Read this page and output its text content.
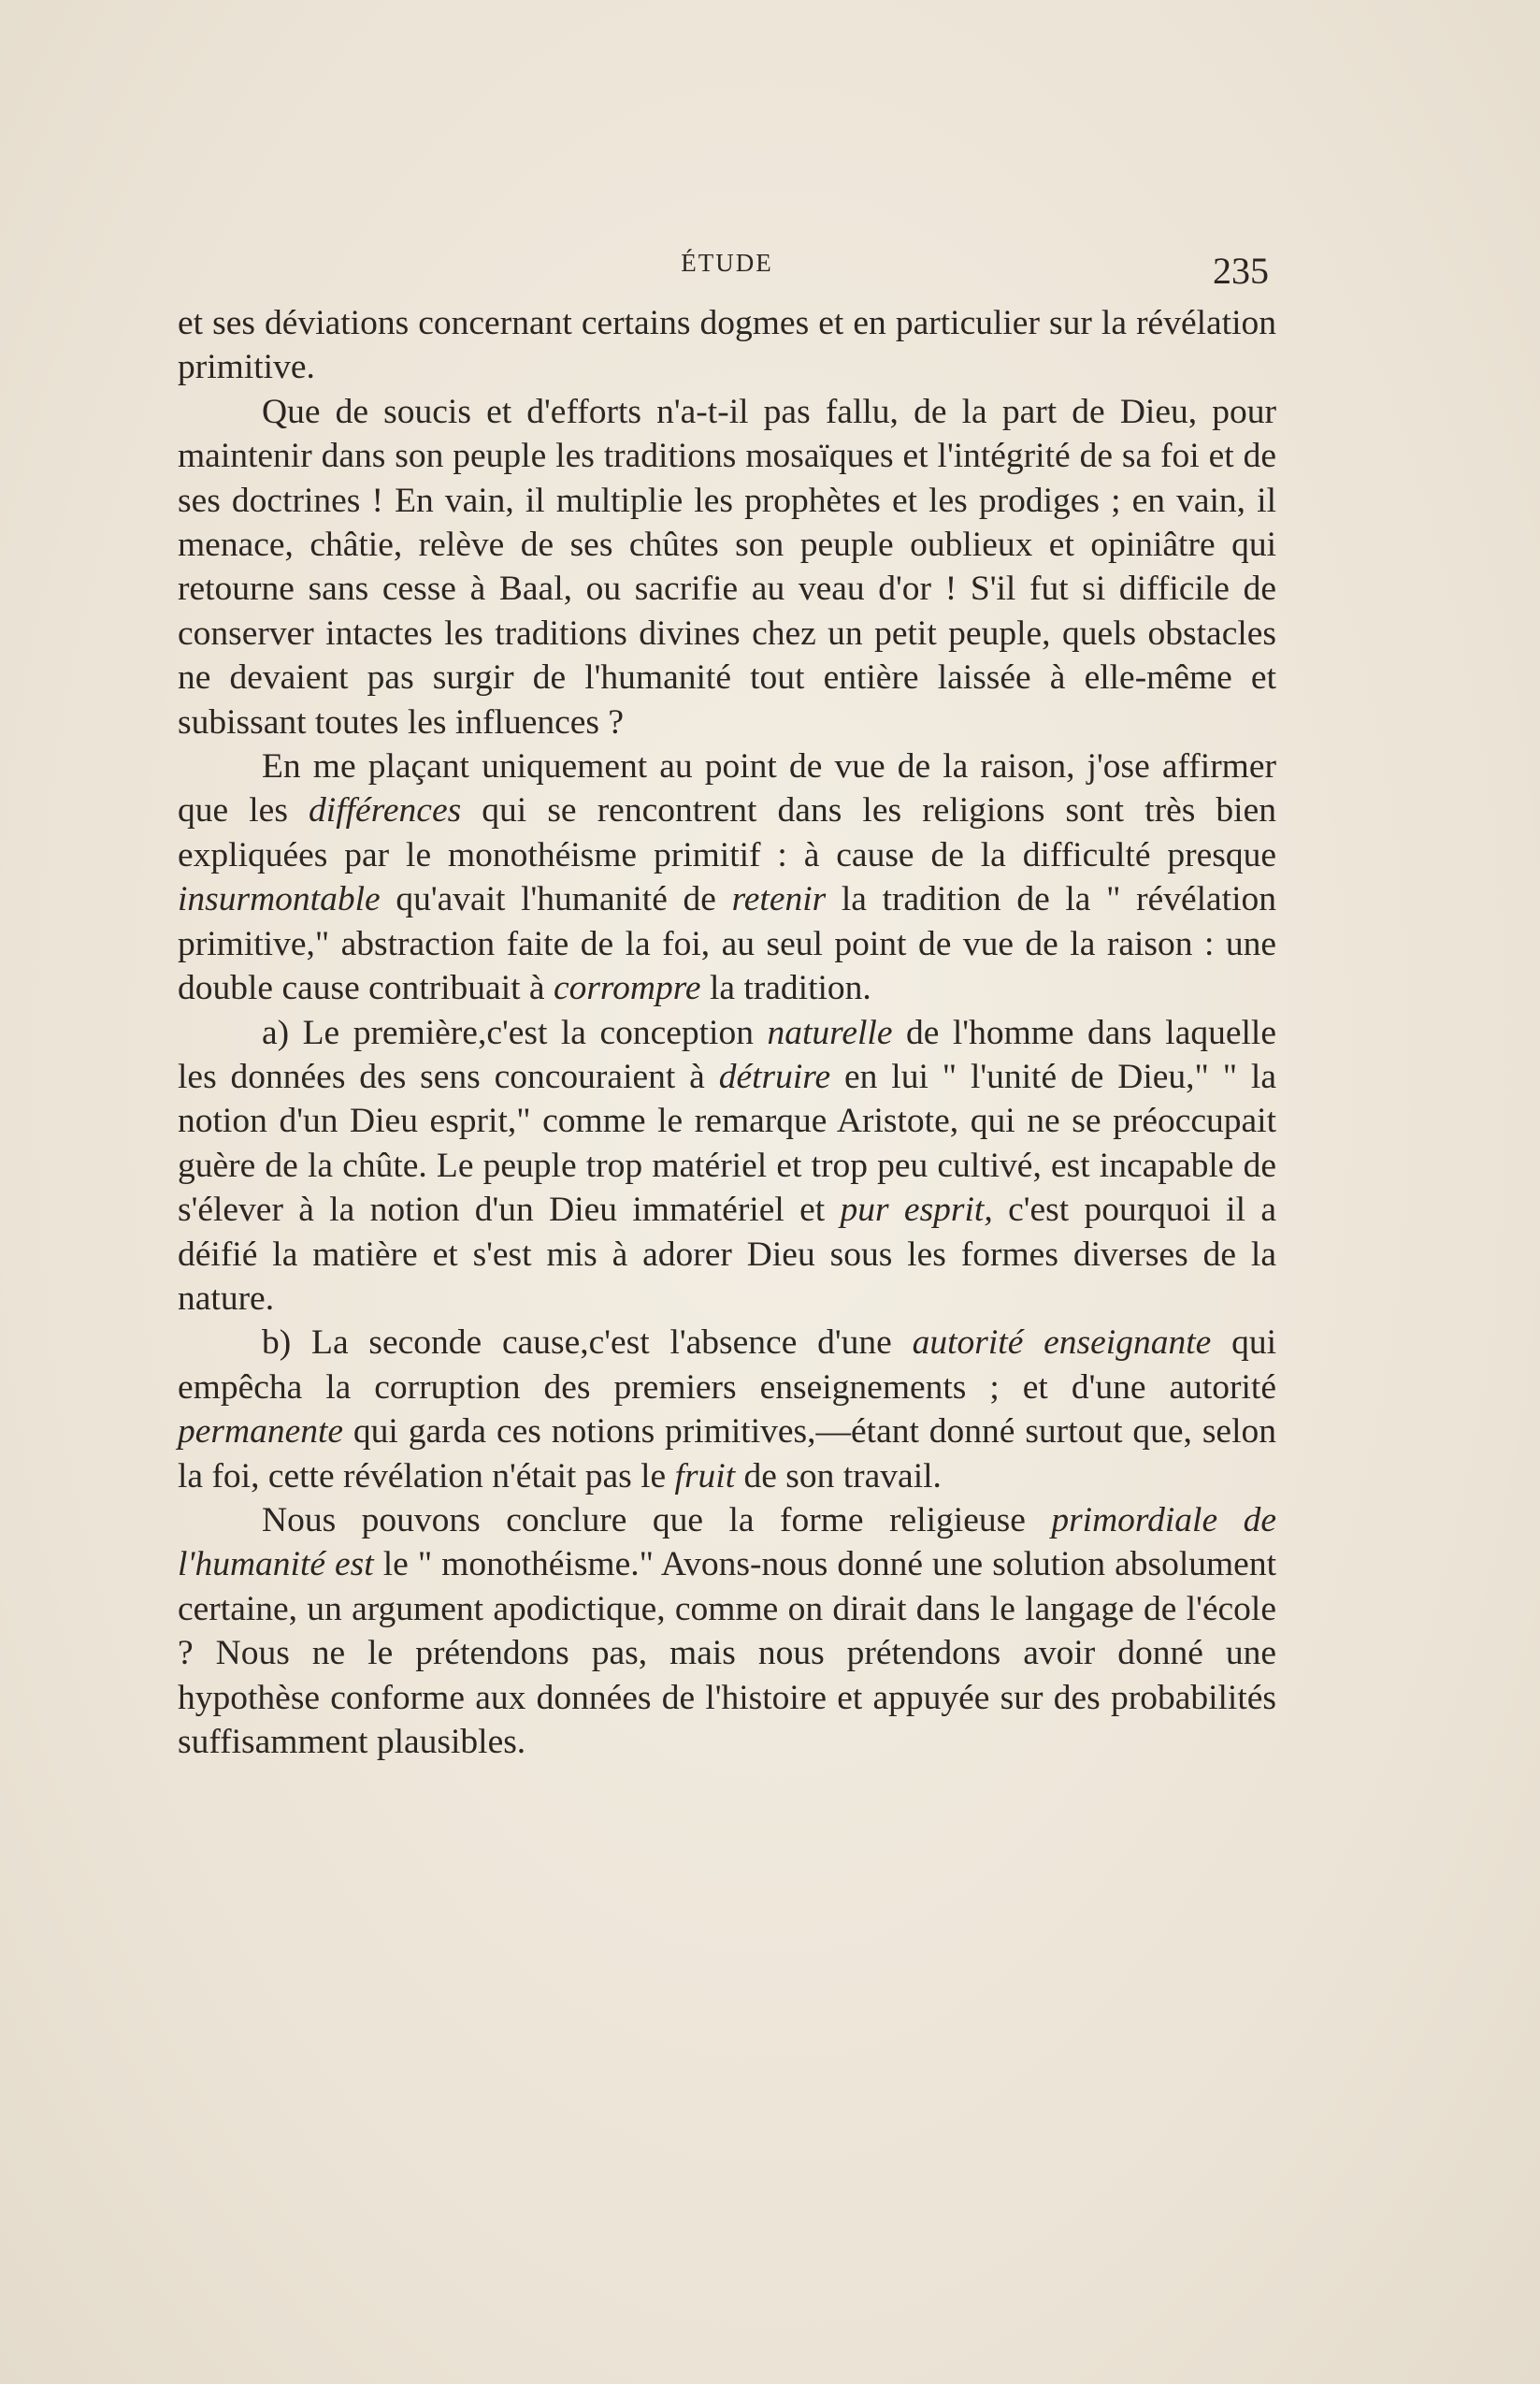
ÉTUDE	235

et ses déviations concernant certains dogmes et en particulier sur la révélation primitive.

Que de soucis et d'efforts n'a-t-il pas fallu, de la part de Dieu, pour maintenir dans son peuple les traditions mosaïques et l'intégrité de sa foi et de ses doctrines ! En vain, il multiplie les prophètes et les prodiges ; en vain, il menace, châtie, relève de ses chûtes son peuple oublieux et opiniâtre qui retourne sans cesse à Baal, ou sacrifie au veau d'or ! S'il fut si difficile de conserver intactes les traditions divines chez un petit peuple, quels obstacles ne devaient pas surgir de l'humanité tout entière laissée à elle-même et subissant toutes les influences ?

En me plaçant uniquement au point de vue de la raison, j'ose affirmer que les différences qui se rencontrent dans les religions sont très bien expliquées par le monothéisme primitif : à cause de la difficulté presque insurmontable qu'avait l'humanité de retenir la tradition de la " révélation primitive," abstraction faite de la foi, au seul point de vue de la raison : une double cause contribuait à corrompre la tradition.

a) Le première,c'est la conception naturelle de l'homme dans laquelle les données des sens concouraient à détruire en lui " l'unité de Dieu," " la notion d'un Dieu esprit," comme le remarque Aristote, qui ne se préoccupait guère de la chûte. Le peuple trop matériel et trop peu cultivé, est incapable de s'élever à la notion d'un Dieu immatériel et pur esprit, c'est pourquoi il a déifié la matière et s'est mis à adorer Dieu sous les formes diverses de la nature.

b) La seconde cause,c'est l'absence d'une autorité enseignante qui empêcha la corruption des premiers enseignements ; et d'une autorité permanente qui garda ces notions primitives,—étant donné surtout que, selon la foi, cette révélation n'était pas le fruit de son travail.

Nous pouvons conclure que la forme religieuse primordiale de l'humanité est le " monothéisme." Avons-nous donné une solution absolument certaine, un argument apodictique, comme on dirait dans le langage de l'école ? Nous ne le prétendons pas, mais nous prétendons avoir donné une hypothèse conforme aux données de l'histoire et appuyée sur des probabilités suffisamment plausibles.
